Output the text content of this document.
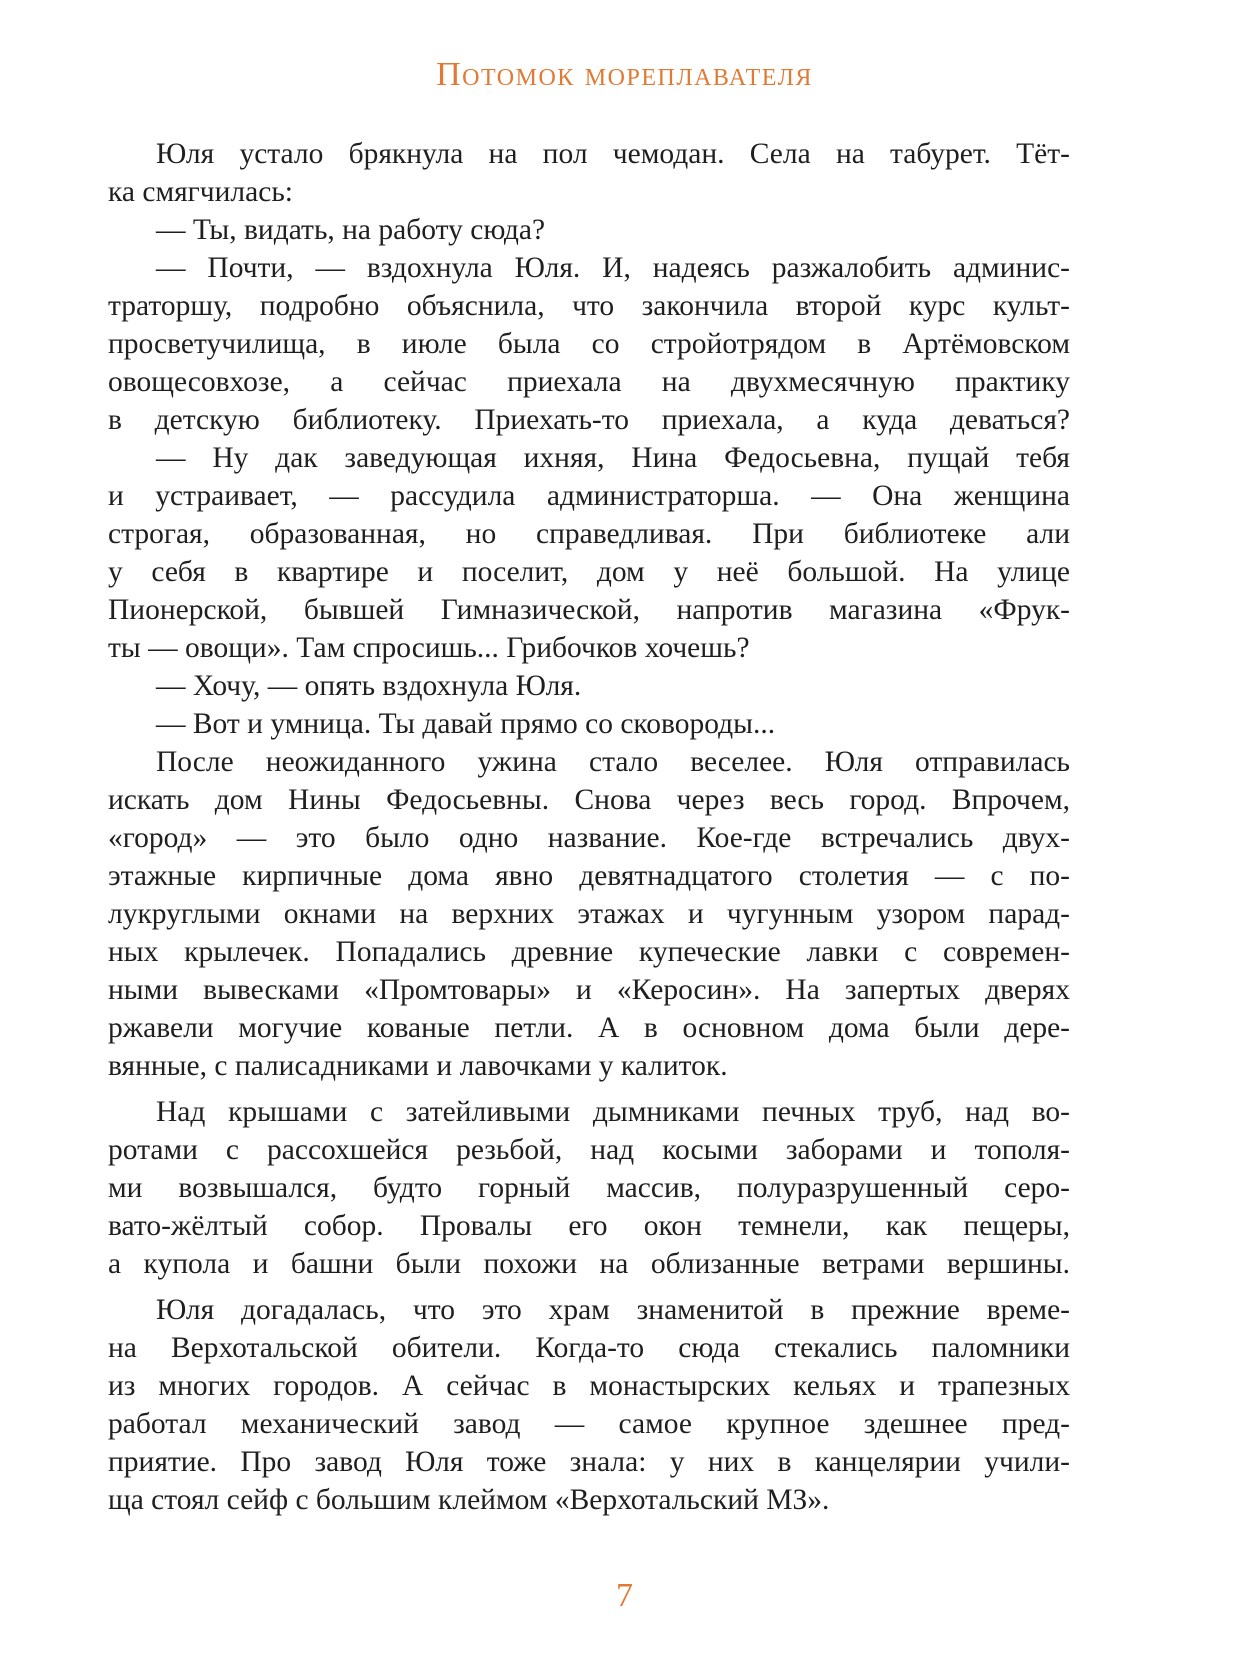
Потомок мореплавателя
Юля устало брякнула на пол чемодан. Села на табурет. Тёт-
ка смягчилась:
— Ты, видать, на работу сюда?
— Почти, — вздохнула Юля. И, надеясь разжалобить админис-
траторшу, подробно объяснила, что закончила второй курс культ-
просветучилища, в июле была со стройотрядом в Артёмовском
овощесовхозе, а сейчас приехала на двухмесячную практику
в детскую библиотеку. Приехать-то приехала, а куда деваться?
— Ну дак заведующая ихняя, Нина Федосьевна, пущай тебя
и устраивает, — рассудила администраторша. — Она женщина
строгая, образованная, но справедливая. При библиотеке али
у себя в квартире и поселит, дом у неё большой. На улице
Пионерской, бывшей Гимназической, напротив магазина «Фрук-
ты — овощи». Там спросишь... Грибочков хочешь?
— Хочу, — опять вздохнула Юля.
— Вот и умница. Ты давай прямо со сковороды...
После неожиданного ужина стало веселее. Юля отправилась
искать дом Нины Федосьевны. Снова через весь город. Впрочем,
«город» — это было одно название. Кое-где встречались двух-
этажные кирпичные дома явно девятнадцатого столетия — с по-
лукруглыми окнами на верхних этажах и чугунным узором парад-
ных крылечек. Попадались древние купеческие лавки с современ-
ными вывесками «Промтовары» и «Керосин». На запертых дверях
ржавели могучие кованые петли. А в основном дома были дере-
вянные, с палисадниками и лавочками у калиток.
Над крышами с затейливыми дымниками печных труб, над во-
ротами с рассохшейся резьбой, над косыми заборами и тополя-
ми возвышался, будто горный массив, полуразрушенный серо-
вато-жёлтый собор. Провалы его окон темнели, как пещеры,
а купола и башни были похожи на облизанные ветрами вершины.
Юля догадалась, что это храм знаменитой в прежние време-
на Верхотальской обители. Когда-то сюда стекались паломники
из многих городов. А сейчас в монастырских кельях и трапезных
работал механический завод — самое крупное здешнее пред-
приятие. Про завод Юля тоже знала: у них в канцелярии учили-
ща стоял сейф с большим клеймом «Верхотальский МЗ».
7
